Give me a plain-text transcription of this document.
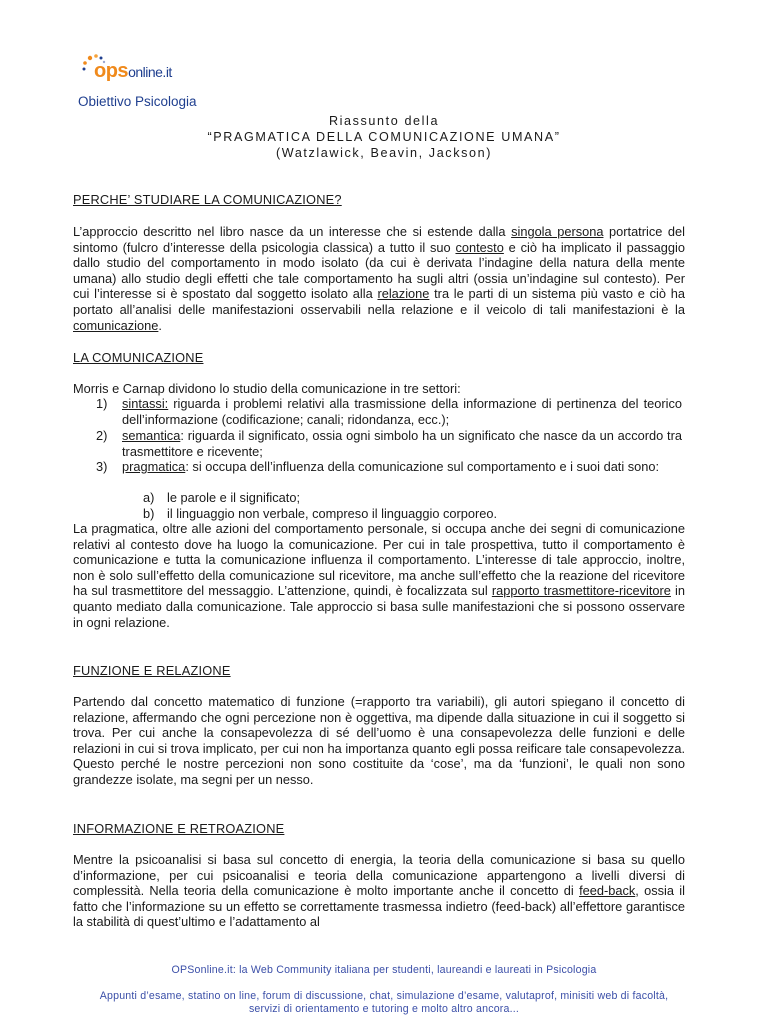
opsonline.it
Obiettivo Psicologia
Riassunto della
“PRAGMATICA DELLA COMUNICAZIONE UMANA”
(Watzlawick, Beavin, Jackson)
PERCHE’ STUDIARE LA COMUNICAZIONE?

L’approccio descritto nel libro nasce da un interesse che si estende dalla singola persona portatrice del sintomo (fulcro d’interesse della psicologia classica) a tutto il suo contesto e ciò ha implicato il passaggio dallo studio del comportamento in modo isolato (da cui è derivata l’indagine della natura della mente umana) allo studio degli effetti che tale comportamento ha sugli altri (ossia un’indagine sul contesto). Per cui l’interesse si è spostato dal soggetto isolato alla relazione tra le parti di un sistema più vasto e ciò ha portato all’analisi delle manifestazioni osservabili nella relazione e il veicolo di tali manifestazioni è la comunicazione.

LA COMUNICAZIONE
Morris e Carnap dividono lo studio della comunicazione in tre settori:
1) sintassi: riguarda i problemi relativi alla trasmissione della informazione di pertinenza del teorico dell’informazione (codificazione; canali; ridondanza, ecc.);
2) semantica: riguarda il significato, ossia ogni simbolo ha un significato che nasce da un accordo tra trasmettitore e ricevente;
3) pragmatica: si occupa dell’influenza della comunicazione sul comportamento e i suoi dati sono:
a) le parole e il significato;
b) il linguaggio non verbale, compreso il linguaggio corporeo.

La pragmatica, oltre alle azioni del comportamento personale, si occupa anche dei segni di comunicazione relativi al contesto dove ha luogo la comunicazione. Per cui in tale prospettiva, tutto il comportamento è comunicazione e tutta la comunicazione influenza il comportamento. L’interesse di tale approccio, inoltre, non è solo sull’effetto della comunicazione sul ricevitore, ma anche sull’effetto che la reazione del ricevitore ha sul trasmettitore del messaggio. L’attenzione, quindi, è focalizzata sul rapporto trasmettitore-ricevitore in quanto mediato dalla comunicazione. Tale approccio si basa sulle manifestazioni che si possono osservare in ogni relazione.

FUNZIONE E RELAZIONE

Partendo dal concetto matematico di funzione (=rapporto tra variabili), gli autori spiegano il concetto di relazione, affermando che ogni percezione non è oggettiva, ma dipende dalla situazione in cui il soggetto si trova. Per cui anche la consapevolezza di sé dell’uomo è una consapevolezza delle funzioni e delle relazioni in cui si trova implicato, per cui non ha importanza quanto egli possa reificare tale consapevolezza. Questo perché le nostre percezioni non sono costituite da ‘cose’, ma da ‘funzioni’, le quali non sono grandezze isolate, ma segni per un nesso.

INFORMAZIONE E RETROAZIONE

Mentre la psicoanalisi si basa sul concetto di energia, la teoria della comunicazione si basa su quello d’informazione, per cui psicoanalisi e teoria della comunicazione appartengono a livelli diversi di complessità. Nella teoria della comunicazione è molto importante anche il concetto di feed-back, ossia il fatto che l’informazione su un effetto se correttamente trasmessa indietro (feed-back) all’effettore garantisce la stabilità di quest’ultimo e l’adattamento al

OPSonline.it: la Web Community italiana per studenti, laureandi e laureati in Psicologia
Appunti d’esame, statino on line, forum di discussione, chat, simulazione d’esame, valutaprof, minisiti web di facoltà,
servizi di orientamento e tutoring e molto altro ancora...
